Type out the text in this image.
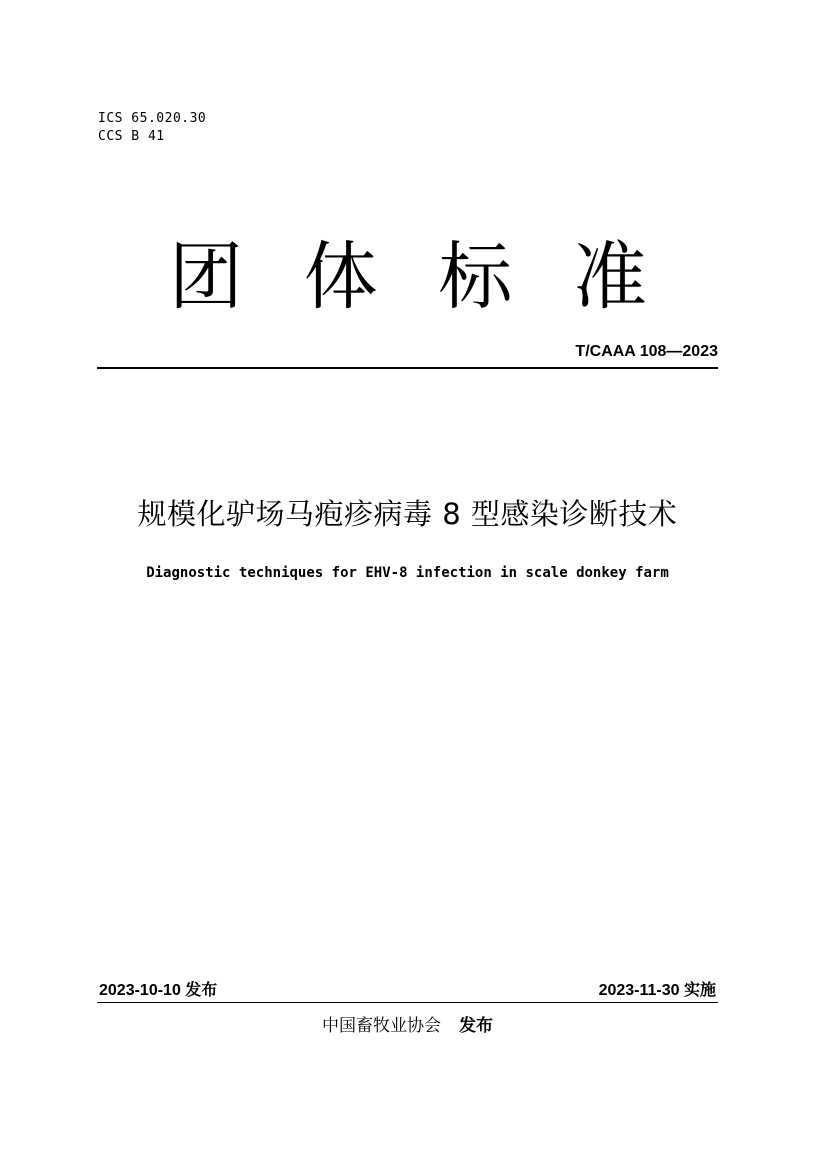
ICS 65.020.30
CCS B 41
团 体 标 准
T/CAAA 108—2023
规模化驴场马疱疹病毒 8 型感染诊断技术
Diagnostic techniques for EHV-8 infection in scale donkey farm
2023-10-10 发布	2023-11-30 实施
中国畜牧业协会 发布
